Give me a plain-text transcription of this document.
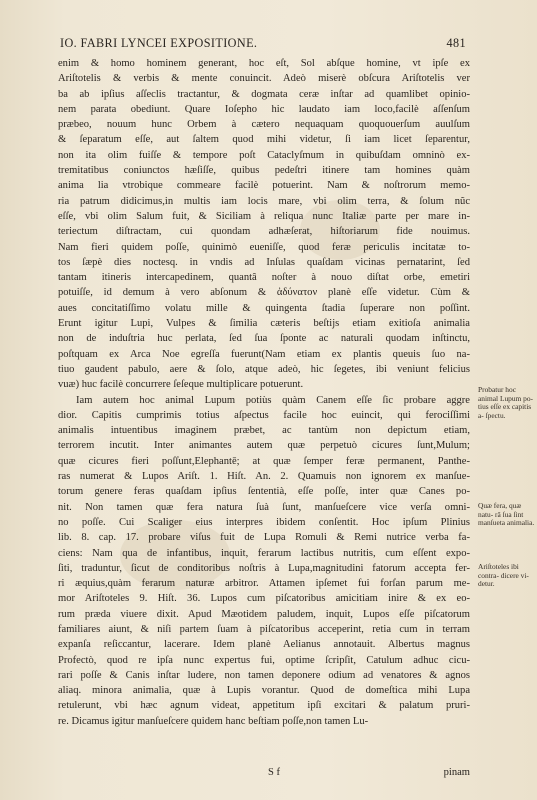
IO. FABRI LYNCEI EXPOSITIONE.	481
enim & homo hominem generant, hoc eſt, Sol abſque homine, vt ipſe ex
Ariſtotelis & verbis & mente conuincit. Adeò miserè obſcura Ariſtotelis ver
ba ab ipſius aſſeclis tractantur, & dogmata ceræ inſtar ad quamlibet opinio-
nem parata obediunt. Quare Ioſepho hic laudato iam loco,facilè aſſenſum
præbeo, nouum hunc Orbem à cætero nequaquam quoquouerſum auulſum
& ſeparatum eſſe, aut ſaltem quod mihi videtur, ſi iam licet ſeparentur,
non ita olim fuiſſe & tempore poſt Cataclyſmum in quibuſdam omninò ex-
tremitatibus coniunctos hæſiſſe, quibus pedeſtri itinere tam homines quàm
anima lia vtrobique commeare facilè potuerint. Nam & noſtrorum memo-
ria patrum didicimus,in multis iam locis mare, vbi olim terra, & ſolum nũc
eſſe, vbi olim Salum fuit, & Siciliam à reliqua nunc Italiæ parte per mare in-
teriectum diſtractam, cui quondam adhæſerat, hiſtoriarum fide nouimus.
Nam fieri quidem poſſe, quinimò eueniſſe, quod feræ periculis incitatæ to-
tos ſæpè dies noctesq. in vndis ad Inſulas quaſdam vicinas pernatarint, ſed
tantam itineris intercapedinem, quantâ noſter à nouo diſtat orbe, emetiri
potuiſſe, id demum à vero abſonum & ἀδύνατον planè eſſe videtur. Cùm &
aues concitatiſſimo volatu mille & quingenta ſtadia ſuperare non poſſint.
Erunt igitur Lupi, Vulpes & ſimilia cæteris beſtijs etiam exitioſa animalia
non de induſtria huc perlata, ſed ſua ſponte ac naturali quodam inſtinctu,
poſtquam ex Arca Noe egreſſa fuerunt(Nam etiam ex plantis queuis ſuo na-
tiuo gaudent pabulo, aere & ſolo, atque adeò, hic ſegetes, ibi veniunt felicius
vuæ) huc facilè concurrere ſeſeque multiplicare potuerunt.
Iam autem hoc animal Lupum potiùs quàm Canem eſſe ſic probare aggre
dior. Capitis cumprimis totius aſpectus facile hoc euincit, qui ferociſſimi
animalis intuentibus imaginem præbet, ac tantùm non depictum etiam,
terrorem incutit. Inter animantes autem quæ perpetuò cicures ſunt,Mulum;
quæ cicures fieri poſſunt,Elephantē; at quæ ſemper feræ permanent, Panthe-
ras numerat & Lupos Ariſt. 1. Hiſt. An. 2. Quamuis non ignorem ex manſue-
torum genere feras quaſdam ipſius ſententià, eſſe poſſe, inter quæ Canes po-
nit. Non tamen quæ fera natura ſuà ſunt, manſueſcere vice verſa omni-
no poſſe. Cui Scaliger eius interpres ibidem conſentit. Hoc ipſum Plinius
lib. 8. cap. 17. probare viſus fuit de Lupa Romuli & Remi nutrice verba fa-
ciens: Nam qua de infantibus, inquit, ferarum lactibus nutritis, cum eſſent expo-
ſiti, traduntur, ſicut de conditoribus noſtris à Lupa,magnitudini fatorum accepta fer-
ri æquius,quàm ferarum naturæ arbitror. Attamen ipſemet fui forſan parum me-
mor Ariſtoteles 9. Hiſt. 36. Lupos cum piſcatoribus amicitiam inire & ex eo-
rum præda viuere dixit. Apud Mæotidem paludem, inquit, Lupos eſſe piſcatorum
familiares aiunt, & niſi partem ſuam à piſcatoribus acceperint, retia cum in terram
expanſa reſiccantur, lacerare. Idem planè Aelianus annotauit. Albertus magnus
Profectò, quod re ipſa nunc expertus fui, optime ſcripſit, Catulum adhuc cicu-
rari poſſe & Canis inſtar ludere, non tamen deponere odium ad venatores & agnos
aliaq. minora animalia, quæ à Lupis vorantur. Quod de domeſtica mihi Lupa
retulerunt, vbi hæc agnum videat, appetitum ipſi excitari & palatum pruri-
re. Dicamus igitur manſueſcere quidem hanc beſtiam poſſe,non tamen Lu-
S f	pinam
Probatur hoc animal Lupum po- tius eſſe ex capitis a- ſpectu.
Quæ fera, quæ natu- râ ſua ſint manſueta animalia.
Ariſtoteles ibi contra- dicere vi- detur.
